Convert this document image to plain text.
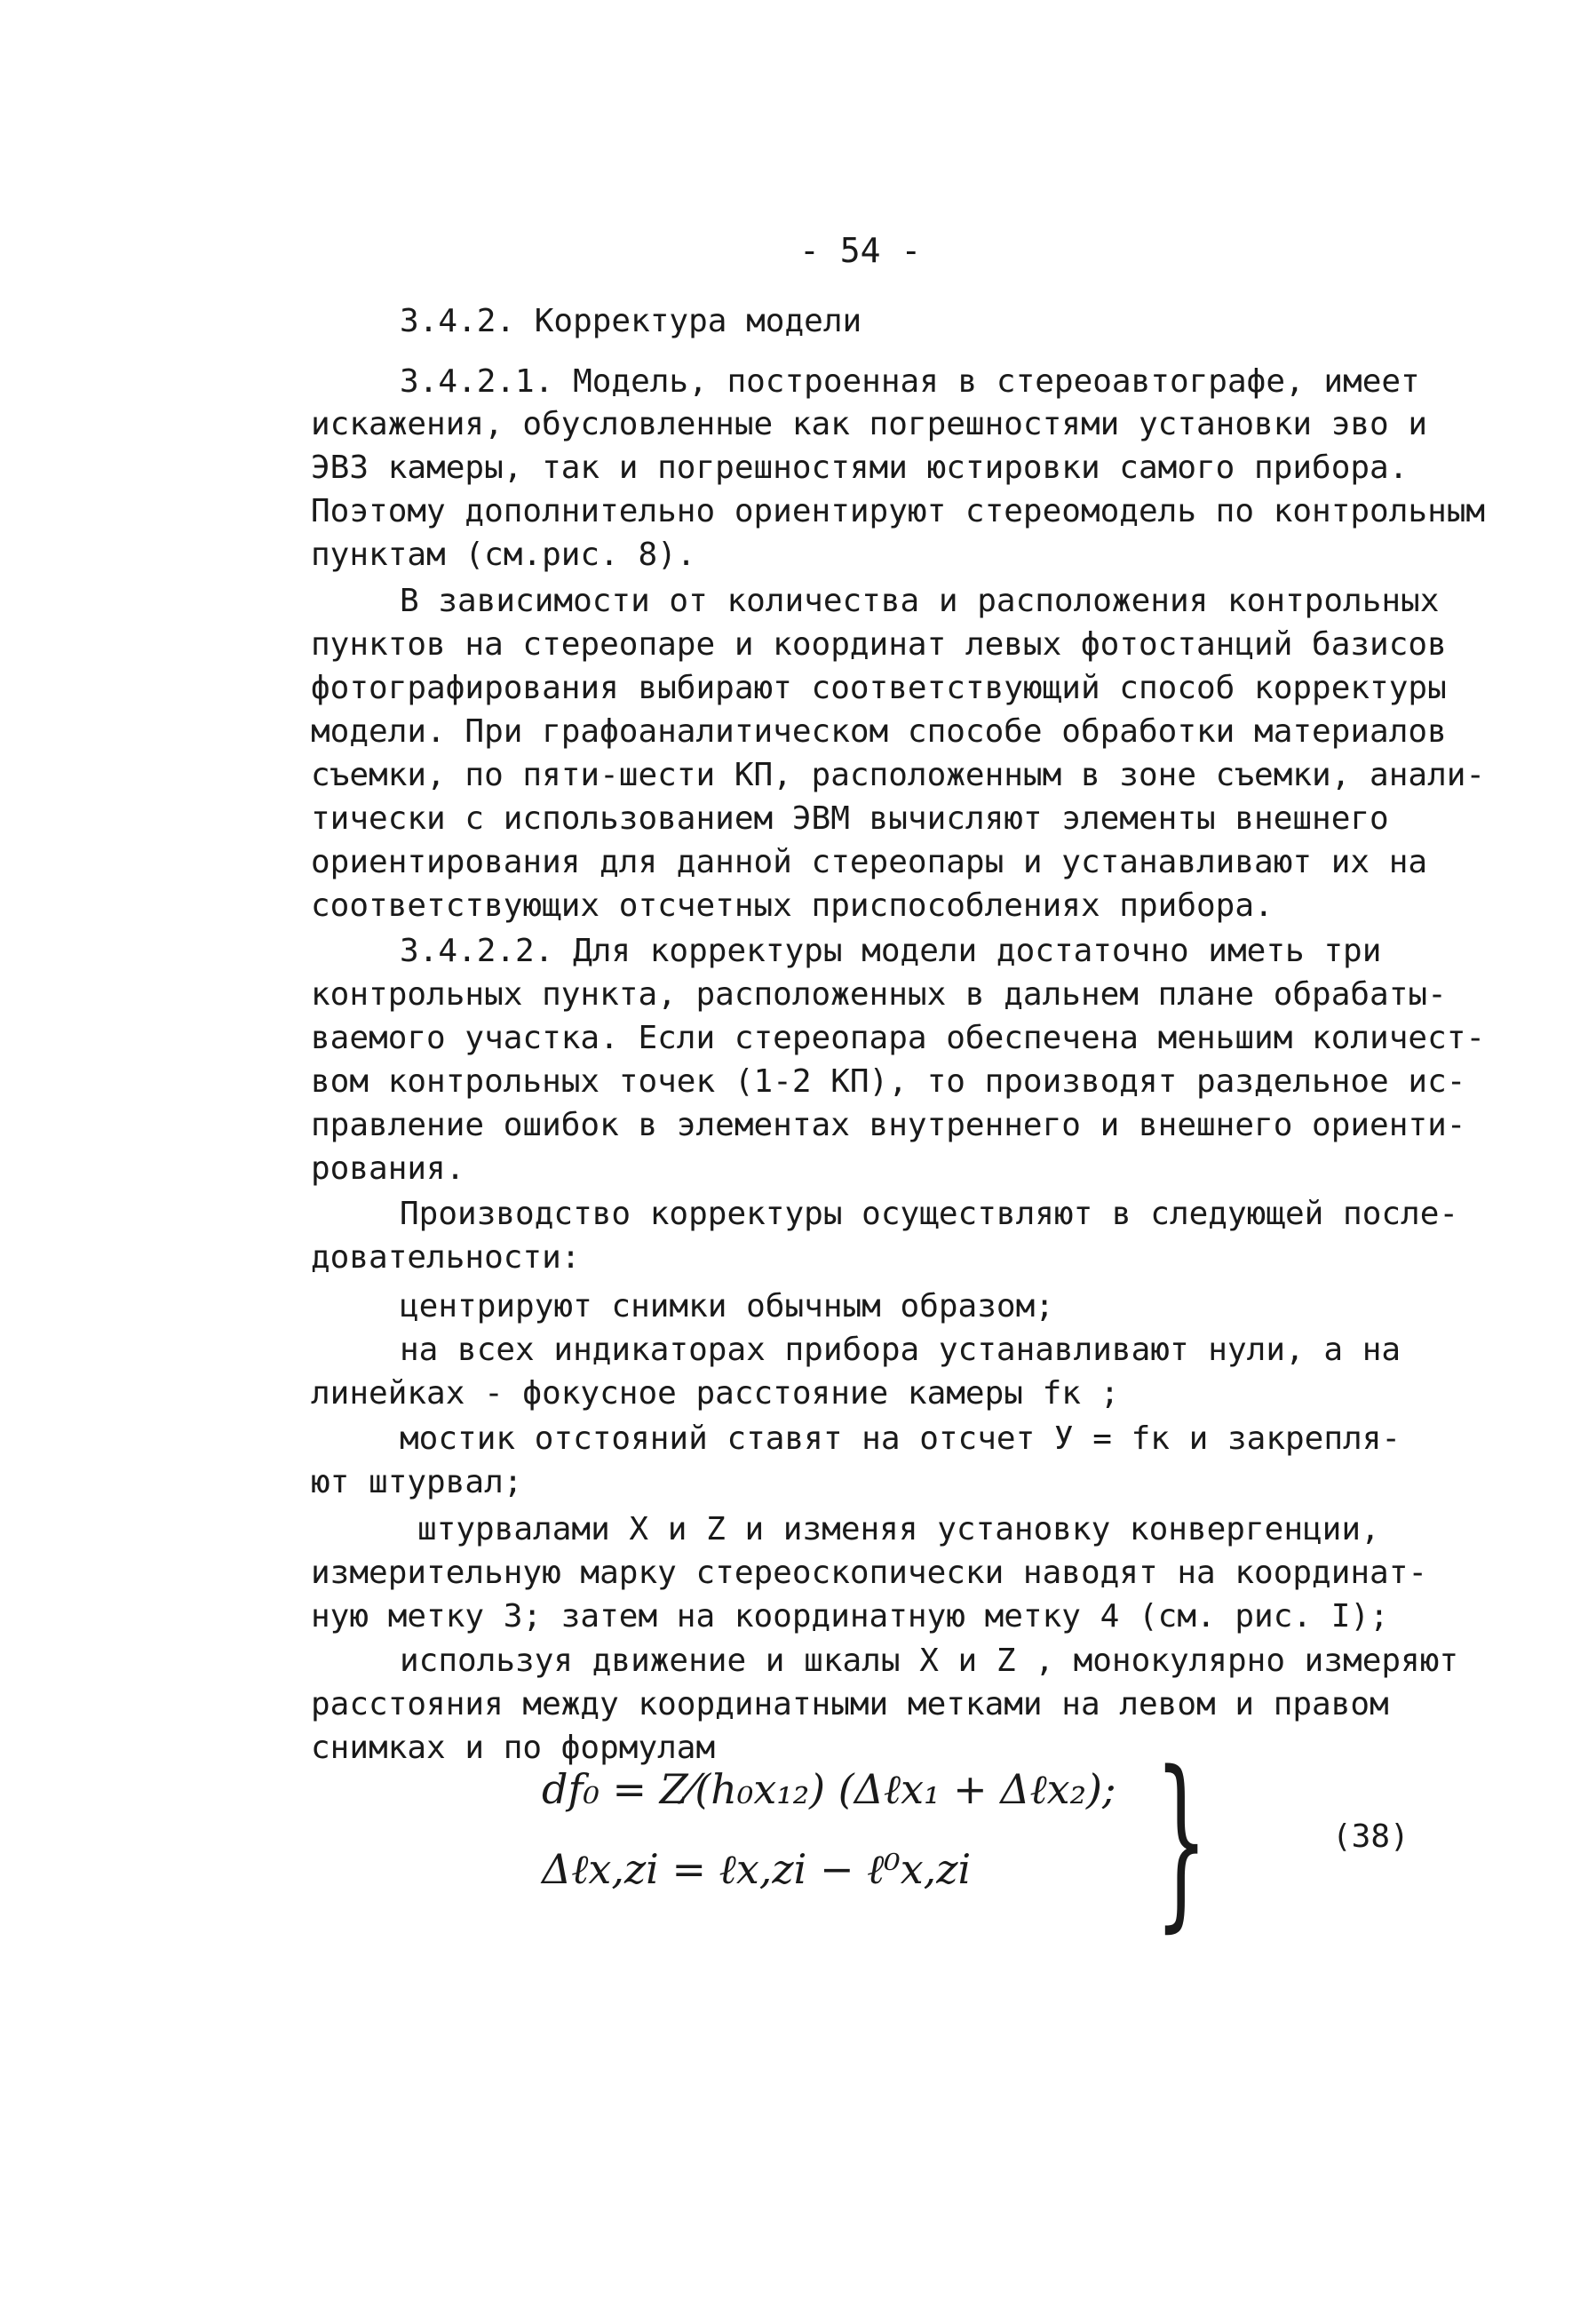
- 54 -
3.4.2. Корректура модели
3.4.2.1. Модель, построенная в стереоавтографе, имеет
искажения, обусловленные как погрешностями установки эво и
ЭВЗ камеры, так и погрешностями юстировки самого прибора.
Поэтому дополнительно ориентируют стереомодель по контрольным
пунктам (см.рис. 8).
В зависимости от количества и расположения контрольных
пунктов на стереопаре и координат левых фотостанций базисов
фотографирования выбирают соответствующий способ корректуры
модели. При графоаналитическом способе обработки материалов
съемки, по пяти-шести КП, расположенным в зоне съемки, анали-
тически с использованием ЭВМ вычисляют элементы внешнего
ориентирования для данной стереопары и устанавливают их на
соответствующих отсчетных приспособлениях прибора.
3.4.2.2. Для корректуры модели достаточно иметь три
контрольных пункта, расположенных в дальнем плане обрабаты-
ваемого участка. Если стереопара обеспечена меньшим количест-
вом контрольных точек (1-2 КП), то производят раздельное ис-
правление ошибок в элементах внутреннего и внешнего ориенти-
рования.
Производство корректуры осуществляют в следующей после-
довательности:
центрируют снимки обычным образом;
на всех индикаторах прибора устанавливают нули, а на
линейках - фокусное расстояние камеры fк ;
мостик отстояний ставят на отсчет У = fк и закрепля-
ют штурвал;
штурвалами X и Z и изменяя установку конвергенции,
измерительную марку стереоскопически наводят на координат-
ную метку 3; затем на координатную метку 4 (см. рис. I);
используя движение и шкалы X и Z , монокулярно измеряют
расстояния между координатными метками на левом и правом
снимках и по формулам
df₀ = Z⁄(h₀x₁₂) (Δℓx₁ + Δℓx₂);
Δℓx,zi = ℓx,zi − ℓ⁰x,zi }	(38)
